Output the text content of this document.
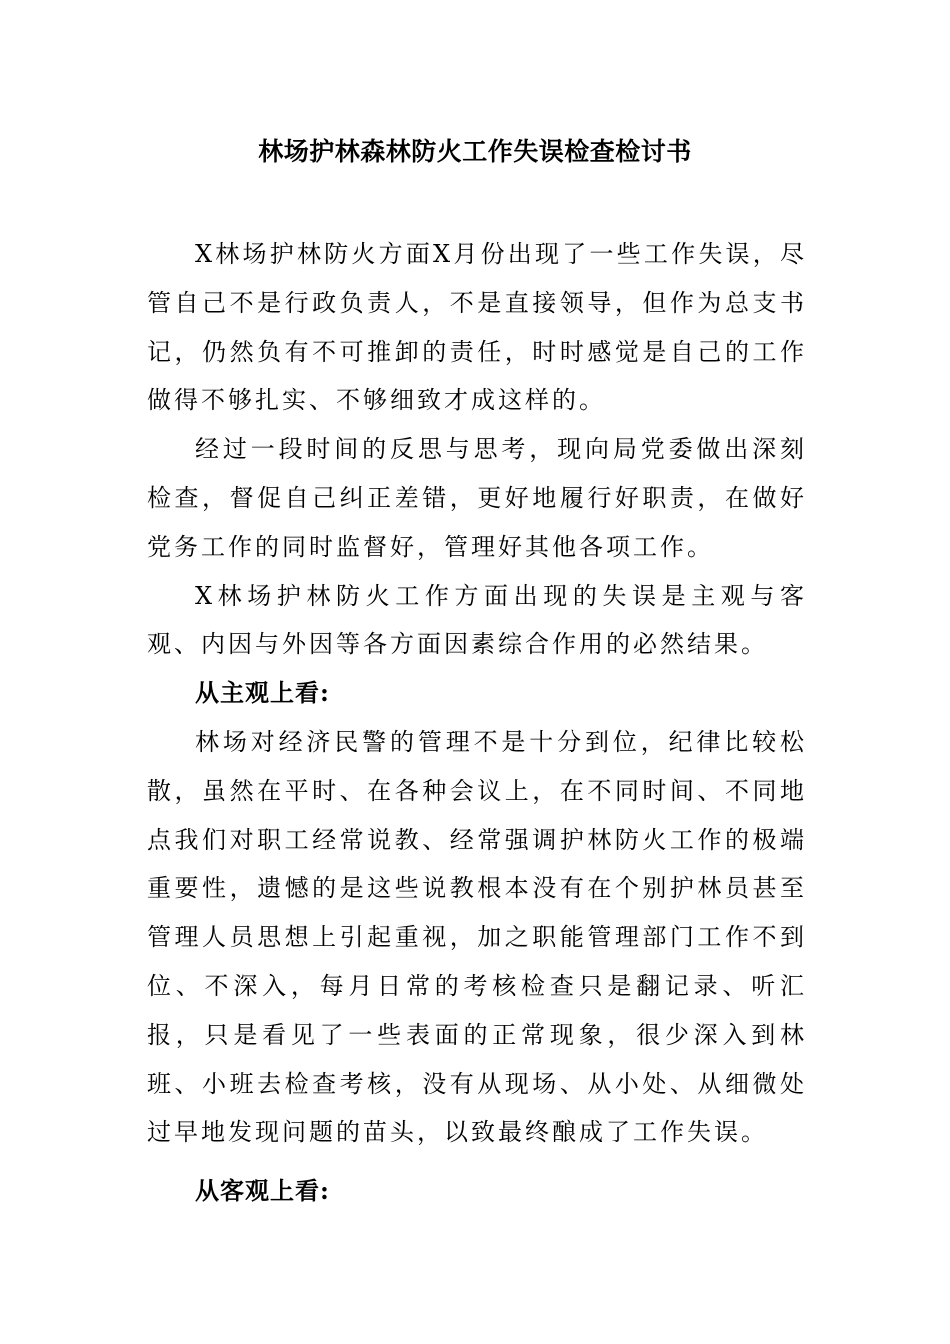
林场护林森林防火工作失误检查检讨书

X林场护林防火方面X月份出现了一些工作失误，尽管自己不是行政负责人，不是直接领导，但作为总支书记，仍然负有不可推卸的责任，时时感觉是自己的工作做得不够扎实、不够细致才成这样的。

经过一段时间的反思与思考，现向局党委做出深刻检查，督促自己纠正差错，更好地履行好职责，在做好党务工作的同时监督好，管理好其他各项工作。

X林场护林防火工作方面出现的失误是主观与客观、内因与外因等各方面因素综合作用的必然结果。

从主观上看:

林场对经济民警的管理不是十分到位，纪律比较松散，虽然在平时、在各种会议上，在不同时间、不同地点我们对职工经常说教、经常强调护林防火工作的极端重要性，遗憾的是这些说教根本没有在个别护林员甚至管理人员思想上引起重视，加之职能管理部门工作不到位、不深入，每月日常的考核检查只是翻记录、听汇报，只是看见了一些表面的正常现象，很少深入到林班、小班去检查考核，没有从现场、从小处、从细微处过早地发现问题的苗头，以致最终酿成了工作失误。

从客观上看:
